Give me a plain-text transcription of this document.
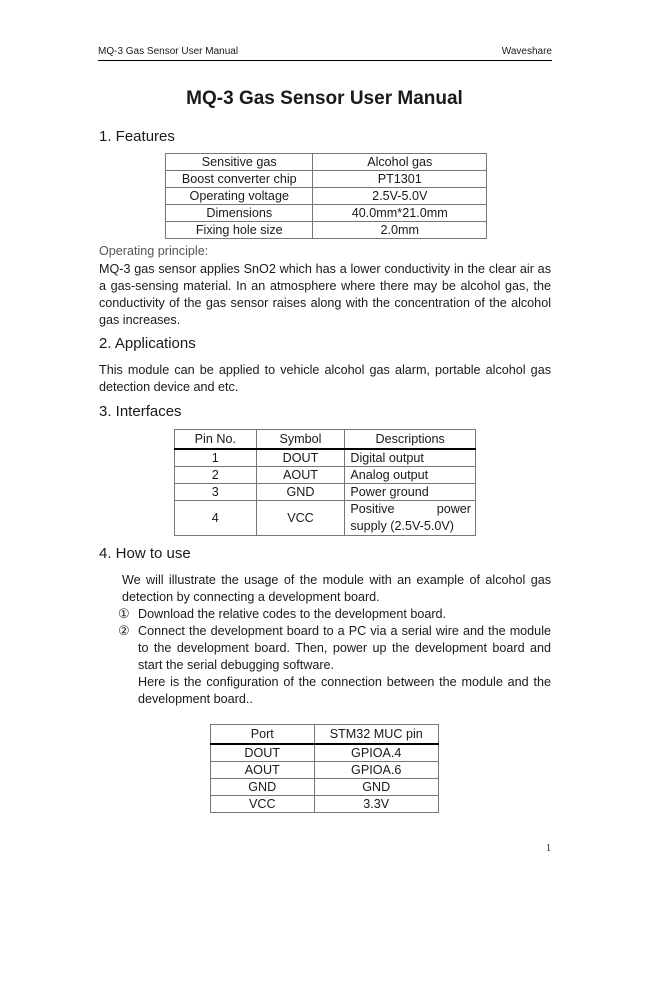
MQ-3 Gas Sensor User Manual	Waveshare
MQ-3 Gas Sensor User Manual
1. Features
Sensitive gas	Alcohol gas
Boost converter chip	PT1301
Operating voltage	2.5V-5.0V
Dimensions	40.0mm*21.0mm
Fixing hole size	2.0mm
Operating principle:
MQ-3 gas sensor applies SnO2 which has a lower conductivity in the clear air as a gas-sensing material. In an atmosphere where there may be alcohol gas, the conductivity of the gas sensor raises along with the concentration of the alcohol gas increases.
2. Applications
This module can be applied to vehicle alcohol gas alarm, portable alcohol gas detection device and etc.
3. Interfaces
Pin No.	Symbol	Descriptions
1	DOUT	Digital output
2	AOUT	Analog output
3	GND	Power ground
4	VCC	Positive power
supply (2.5V-5.0V)
4. How to use
We will illustrate the usage of the module with an example of alcohol gas detection by connecting a development board.
① Download the relative codes to the development board.
② Connect the development board to a PC via a serial wire and the module to the development board. Then, power up the development board and start the serial debugging software.
Here is the configuration of the connection between the module and the development board..
Port	STM32 MUC pin
DOUT	GPIOA.4
AOUT	GPIOA.6
GND	GND
VCC	3.3V
1
